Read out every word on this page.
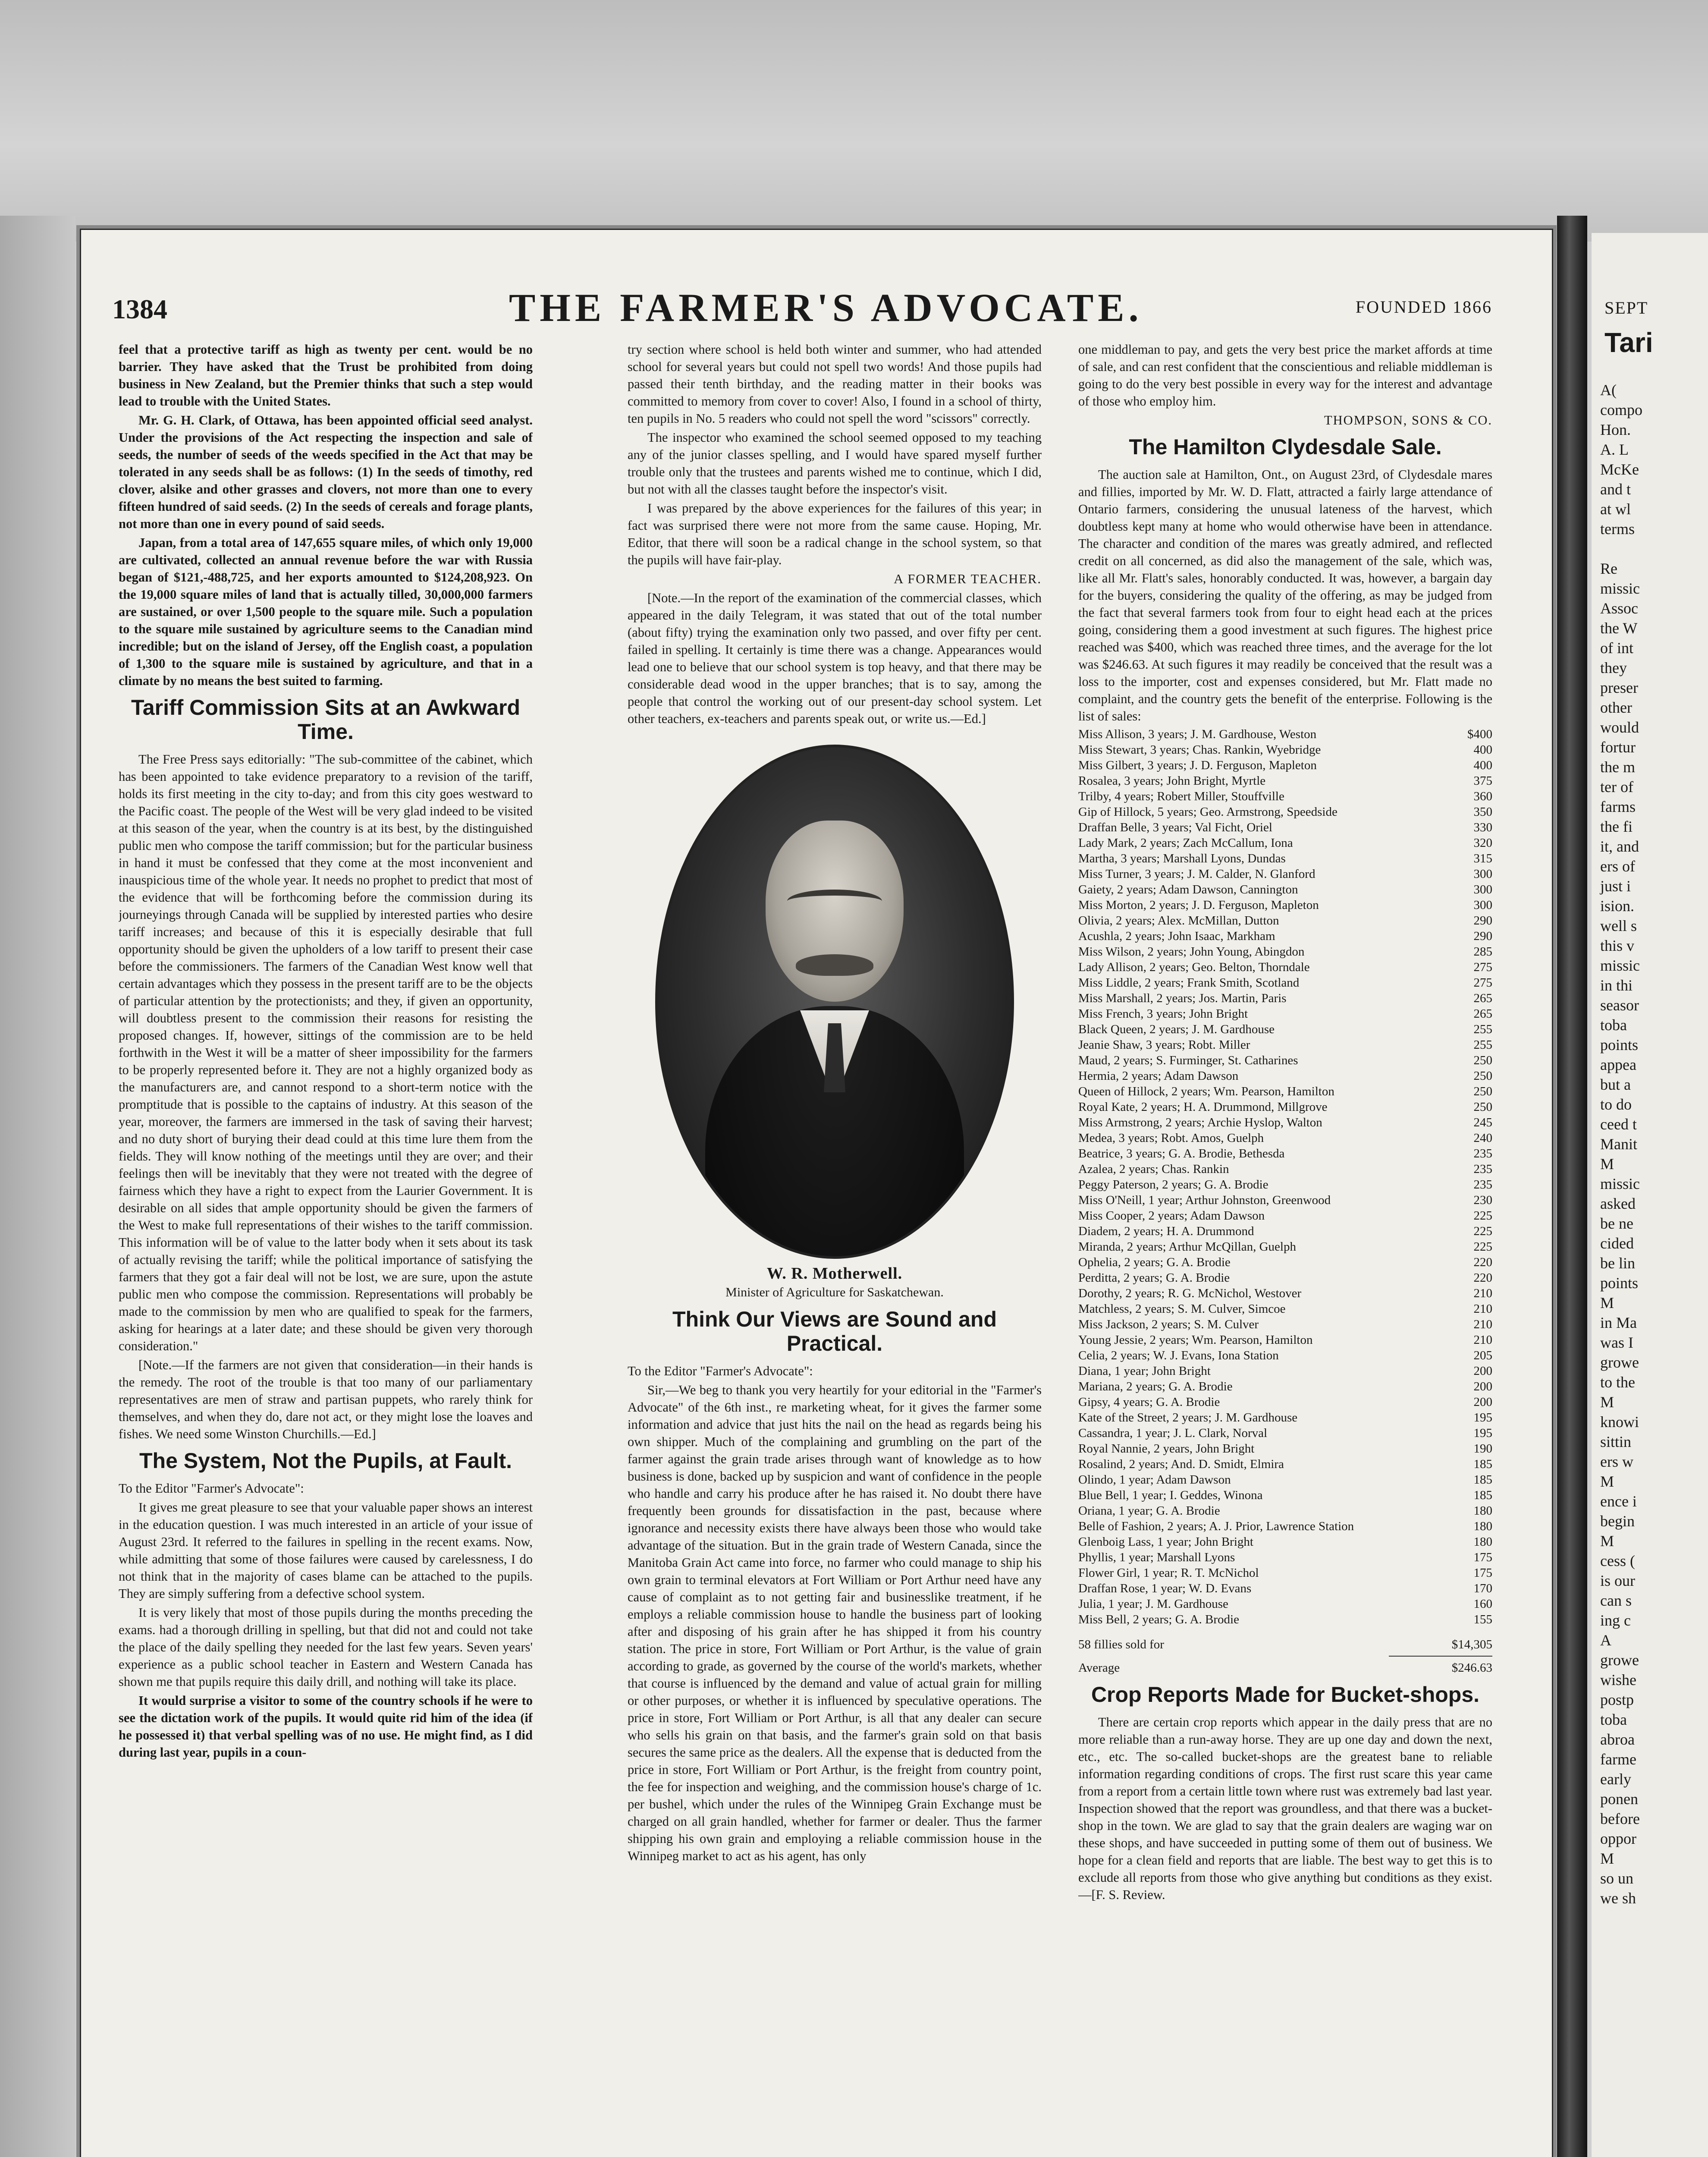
SEPT
Tari
A(
compo
Hon.
A. L
McKe
and t
at wl
terms

Re
missic
Assoc
the W
of int
they
preser
other
would
fortur
the m
ter of
farms
the fi
it, and
ers of
just i
ision.
well s
this v
missic
in thi
seasor
toba
points
appea
but a
to do
ceed t
Manit
M
missic
asked
be ne
cided
be lin
points
M
in Ma
was I
growe
to the
M
knowi
sittin
ers w
M
ence i
begin
M
cess (
is our
can s
ing c
A
growe
wishe
postp
toba
abroa
farme
early
ponen
before
oppor
M
so un
we sh
1384	THE FARMER'S ADVOCATE.	FOUNDED 1866

feel that a protective tariff as high as twenty per cent. would be no barrier. They have asked that the Trust be prohibited from doing business in New Zealand, but the Premier thinks that such a step would lead to trouble with the United States.

Mr. G. H. Clark, of Ottawa, has been appointed official seed analyst. Under the provisions of the Act respecting the inspection and sale of seeds, the number of seeds of the weeds specified in the Act that may be tolerated in any seeds shall be as follows: (1) In the seeds of timothy, red clover, alsike and other grasses and clovers, not more than one to every fifteen hundred of said seeds. (2) In the seeds of cereals and forage plants, not more than one in every pound of said seeds.

Japan, from a total area of 147,655 square miles, of which only 19,000 are cultivated, collected an annual revenue before the war with Russia began of $121,-488,725, and her exports amounted to $124,208,923. On the 19,000 square miles of land that is actually tilled, 30,000,000 farmers are sustained, or over 1,500 people to the square mile. Such a population to the square mile sustained by agriculture seems to the Canadian mind incredible; but on the island of Jersey, off the English coast, a population of 1,300 to the square mile is sustained by agriculture, and that in a climate by no means the best suited to farming.

Tariff Commission Sits at an Awkward Time.

The Free Press says editorially: "The sub-committee of the cabinet, which has been appointed to take evidence preparatory to a revision of the tariff, holds its first meeting in the city to-day; and from this city goes westward to the Pacific coast. The people of the West will be very glad indeed to be visited at this season of the year, when the country is at its best, by the distinguished public men who compose the tariff commission; but for the particular business in hand it must be confessed that they come at the most inconvenient and inauspicious time of the whole year. It needs no prophet to predict that most of the evidence that will be forthcoming before the commission during its journeyings through Canada will be supplied by interested parties who desire tariff increases; and because of this it is especially desirable that full opportunity should be given the upholders of a low tariff to present their case before the commissioners. The farmers of the Canadian West know well that certain advantages which they possess in the present tariff are to be the objects of particular attention by the protectionists; and they, if given an opportunity, will doubtless present to the commission their reasons for resisting the proposed changes. If, however, sittings of the commission are to be held forthwith in the West it will be a matter of sheer impossibility for the farmers to be properly represented before it. They are not a highly organized body as the manufacturers are, and cannot respond to a short-term notice with the promptitude that is possible to the captains of industry. At this season of the year, moreover, the farmers are immersed in the task of saving their harvest; and no duty short of burying their dead could at this time lure them from the fields. They will know nothing of the meetings until they are over; and their feelings then will be inevitably that they were not treated with the degree of fairness which they have a right to expect from the Laurier Government. It is desirable on all sides that ample opportunity should be given the farmers of the West to make full representations of their wishes to the tariff commission. This information will be of value to the latter body when it sets about its task of actually revising the tariff; while the political importance of satisfying the farmers that they got a fair deal will not be lost, we are sure, upon the astute public men who compose the commission. Representations will probably be made to the commission by men who are qualified to speak for the farmers, asking for hearings at a later date; and these should be given very thorough consideration."

[Note.—If the farmers are not given that consideration—in their hands is the remedy. The root of the trouble is that too many of our parliamentary representatives are men of straw and partisan puppets, who rarely think for themselves, and when they do, dare not act, or they might lose the loaves and fishes. We need some Winston Churchills.—Ed.]

The System, Not the Pupils, at Fault.

To the Editor "Farmer's Advocate":

It gives me great pleasure to see that your valuable paper shows an interest in the education question. I was much interested in an article of your issue of August 23rd. It referred to the failures in spelling in the recent exams. Now, while admitting that some of those failures were caused by carelessness, I do not think that in the majority of cases blame can be attached to the pupils. They are simply suffering from a defective school system.

It is very likely that most of those pupils during the months preceding the exams. had a thorough drilling in spelling, but that did not and could not take the place of the daily spelling they needed for the last few years. Seven years' experience as a public school teacher in Eastern and Western Canada has shown me that pupils require this daily drill, and nothing will take its place.

It would surprise a visitor to some of the country schools if he were to see the dictation work of the pupils. It would quite rid him of the idea (if he possessed it) that verbal spelling was of no use. He might find, as I did during last year, pupils in a coun-

try section where school is held both winter and summer, who had attended school for several years but could not spell two words! And those pupils had passed their tenth birthday, and the reading matter in their books was committed to memory from cover to cover! Also, I found in a school of thirty, ten pupils in No. 5 readers who could not spell the word "scissors" correctly.

The inspector who examined the school seemed opposed to my teaching any of the junior classes spelling, and I would have spared myself further trouble only that the trustees and parents wished me to continue, which I did, but not with all the classes taught before the inspector's visit.

I was prepared by the above experiences for the failures of this year; in fact was surprised there were not more from the same cause. Hoping, Mr. Editor, that there will soon be a radical change in the school system, so that the pupils will have fair-play.

A FORMER TEACHER.

[Note.—In the report of the examination of the commercial classes, which appeared in the daily Telegram, it was stated that out of the total number (about fifty) trying the examination only two passed, and over fifty per cent. failed in spelling. It certainly is time there was a change. Appearances would lead one to believe that our school system is top heavy, and that there may be considerable dead wood in the upper branches; that is to say, among the people that control the working out of our present-day school system. Let other teachers, ex-teachers and parents speak out, or write us.—Ed.]

W. R. Motherwell.
Minister of Agriculture for Saskatchewan.
Think Our Views are Sound and Practical.

To the Editor "Farmer's Advocate":

Sir,—We beg to thank you very heartily for your editorial in the "Farmer's Advocate" of the 6th inst., re marketing wheat, for it gives the farmer some information and advice that just hits the nail on the head as regards being his own shipper. Much of the complaining and grumbling on the part of the farmer against the grain trade arises through want of knowledge as to how business is done, backed up by suspicion and want of confidence in the people who handle and carry his produce after he has raised it. No doubt there have frequently been grounds for dissatisfaction in the past, because where ignorance and necessity exists there have always been those who would take advantage of the situation. But in the grain trade of Western Canada, since the Manitoba Grain Act came into force, no farmer who could manage to ship his own grain to terminal elevators at Fort William or Port Arthur need have any cause of complaint as to not getting fair and businesslike treatment, if he employs a reliable commission house to handle the business part of looking after and disposing of his grain after he has shipped it from his country station. The price in store, Fort William or Port Arthur, is the value of grain according to grade, as governed by the course of the world's markets, whether that course is influenced by the demand and value of actual grain for milling or other purposes, or whether it is influenced by speculative operations. The price in store, Fort William or Port Arthur, is all that any dealer can secure who sells his grain on that basis, and the farmer's grain sold on that basis secures the same price as the dealers. All the expense that is deducted from the price in store, Fort William or Port Arthur, is the freight from country point, the fee for inspection and weighing, and the commission house's charge of 1c. per bushel, which under the rules of the Winnipeg Grain Exchange must be charged on all grain handled, whether for farmer or dealer. Thus the farmer shipping his own grain and employing a reliable commission house in the Winnipeg market to act as his agent, has only

one middleman to pay, and gets the very best price the market affords at time of sale, and can rest confident that the conscientious and reliable middleman is going to do the very best possible in every way for the interest and advantage of those who employ him.

THOMPSON, SONS & CO.

The Hamilton Clydesdale Sale.

The auction sale at Hamilton, Ont., on August 23rd, of Clydesdale mares and fillies, imported by Mr. W. D. Flatt, attracted a fairly large attendance of Ontario farmers, considering the unusual lateness of the harvest, which doubtless kept many at home who would otherwise have been in attendance. The character and condition of the mares was greatly admired, and reflected credit on all concerned, as did also the management of the sale, which was, like all Mr. Flatt's sales, honorably conducted. It was, however, a bargain day for the buyers, considering the quality of the offering, as may be judged from the fact that several farmers took from four to eight head each at the prices going, considering them a good investment at such figures. The highest price reached was $400, which was reached three times, and the average for the lot was $246.63. At such figures it may readily be conceived that the result was a loss to the importer, cost and expenses considered, but Mr. Flatt made no complaint, and the country gets the benefit of the enterprise. Following is the list of sales:

Miss Allison, 3 years; J. M. Gardhouse, Weston	$400
Miss Stewart, 3 years; Chas. Rankin, Wyebridge	400
Miss Gilbert, 3 years; J. D. Ferguson, Mapleton	400
Rosalea, 3 years; John Bright, Myrtle	375
Trilby, 4 years; Robert Miller, Stouffville	360
Gip of Hillock, 5 years; Geo. Armstrong, Speedside	350
Draffan Belle, 3 years; Val Ficht, Oriel	330
Lady Mark, 2 years; Zach McCallum, Iona	320
Martha, 3 years; Marshall Lyons, Dundas	315
Miss Turner, 3 years; J. M. Calder, N. Glanford	300
Gaiety, 2 years; Adam Dawson, Cannington	300
Miss Morton, 2 years; J. D. Ferguson, Mapleton	300
Olivia, 2 years; Alex. McMillan, Dutton	290
Acushla, 2 years; John Isaac, Markham	290
Miss Wilson, 2 years; John Young, Abingdon	285
Lady Allison, 2 years; Geo. Belton, Thorndale	275
Miss Liddle, 2 years; Frank Smith, Scotland	275
Miss Marshall, 2 years; Jos. Martin, Paris	265
Miss French, 3 years; John Bright	265
Black Queen, 2 years; J. M. Gardhouse	255
Jeanie Shaw, 3 years; Robt. Miller	255
Maud, 2 years; S. Furminger, St. Catharines	250
Hermia, 2 years; Adam Dawson	250
Queen of Hillock, 2 years; Wm. Pearson, Hamilton	250
Royal Kate, 2 years; H. A. Drummond, Millgrove	250
Miss Armstrong, 2 years; Archie Hyslop, Walton	245
Medea, 3 years; Robt. Amos, Guelph	240
Beatrice, 3 years; G. A. Brodie, Bethesda	235
Azalea, 2 years; Chas. Rankin	235
Peggy Paterson, 2 years; G. A. Brodie	235
Miss O'Neill, 1 year; Arthur Johnston, Greenwood	230
Miss Cooper, 2 years; Adam Dawson	225
Diadem, 2 years; H. A. Drummond	225
Miranda, 2 years; Arthur McQillan, Guelph	225
Ophelia, 2 years; G. A. Brodie	220
Perditta, 2 years; G. A. Brodie	220
Dorothy, 2 years; R. G. McNichol, Westover	210
Matchless, 2 years; S. M. Culver, Simcoe	210
Miss Jackson, 2 years; S. M. Culver	210
Young Jessie, 2 years; Wm. Pearson, Hamilton	210
Celia, 2 years; W. J. Evans, Iona Station	205
Diana, 1 year; John Bright	200
Mariana, 2 years; G. A. Brodie	200
Gipsy, 4 years; G. A. Brodie	200
Kate of the Street, 2 years; J. M. Gardhouse	195
Cassandra, 1 year; J. L. Clark, Norval	195
Royal Nannie, 2 years, John Bright	190
Rosalind, 2 years; And. D. Smidt, Elmira	185
Olindo, 1 year; Adam Dawson	185
Blue Bell, 1 year; I. Geddes, Winona	185
Oriana, 1 year; G. A. Brodie	180
Belle of Fashion, 2 years; A. J. Prior, Lawrence Station	180
Glenboig Lass, 1 year; John Bright	180
Phyllis, 1 year; Marshall Lyons	175
Flower Girl, 1 year; R. T. McNichol	175
Draffan Rose, 1 year; W. D. Evans	170
Julia, 1 year; J. M. Gardhouse	160
Miss Bell, 2 years; G. A. Brodie	155
58 fillies sold for	$14,305
Average	$246.63
Crop Reports Made for Bucket-shops.

There are certain crop reports which appear in the daily press that are no more reliable than a run-away horse. They are up one day and down the next, etc., etc. The so-called bucket-shops are the greatest bane to reliable information regarding conditions of crops. The first rust scare this year came from a report from a certain little town where rust was extremely bad last year. Inspection showed that the report was groundless, and that there was a bucket-shop in the town. We are glad to say that the grain dealers are waging war on these shops, and have succeeded in putting some of them out of business. We hope for a clean field and reports that are liable. The best way to get this is to exclude all reports from those who give anything but conditions as they exist.—[F. S. Review.
